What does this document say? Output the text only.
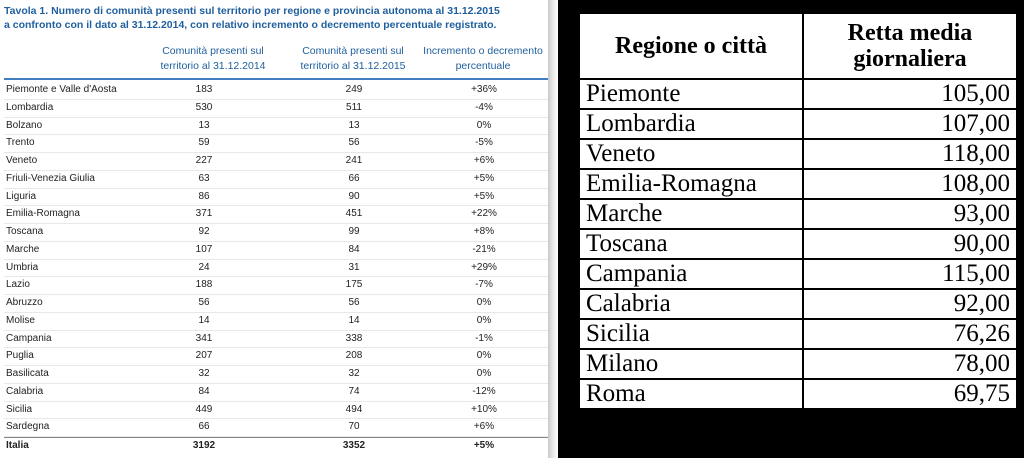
Tavola 1. Numero di comunità presenti sul territorio per regione e provincia autonoma al 31.12.2015
a confronto con il dato al 31.12.2014, con relativo incremento o decremento percentuale registrato.
Comunità presenti sul territorio al 31.12.2014
Comunità presenti sul territorio al 31.12.2015
Incremento o decremento percentuale
Piemonte e Valle d'Aosta	183	249	+36%
Lombardia	530	511	-4%
Bolzano	13	13	0%
Trento	59	56	-5%
Veneto	227	241	+6%
Friuli-Venezia Giulia	63	66	+5%
Liguria	86	90	+5%
Emilia-Romagna	371	451	+22%
Toscana	92	99	+8%
Marche	107	84	-21%
Umbria	24	31	+29%
Lazio	188	175	-7%
Abruzzo	56	56	0%
Molise	14	14	0%
Campania	341	338	-1%
Puglia	207	208	0%
Basilicata	32	32	0%
Calabria	84	74	-12%
Sicilia	449	494	+10%
Sardegna	66	70	+6%
Italia	3192	3352	+5%
Regione o città	Retta media
giornaliera
Piemonte	105,00
Lombardia	107,00
Veneto	118,00
Emilia-Romagna	108,00
Marche	93,00
Toscana	90,00
Campania	115,00
Calabria	92,00
Sicilia	76,26
Milano	78,00
Roma	69,75
